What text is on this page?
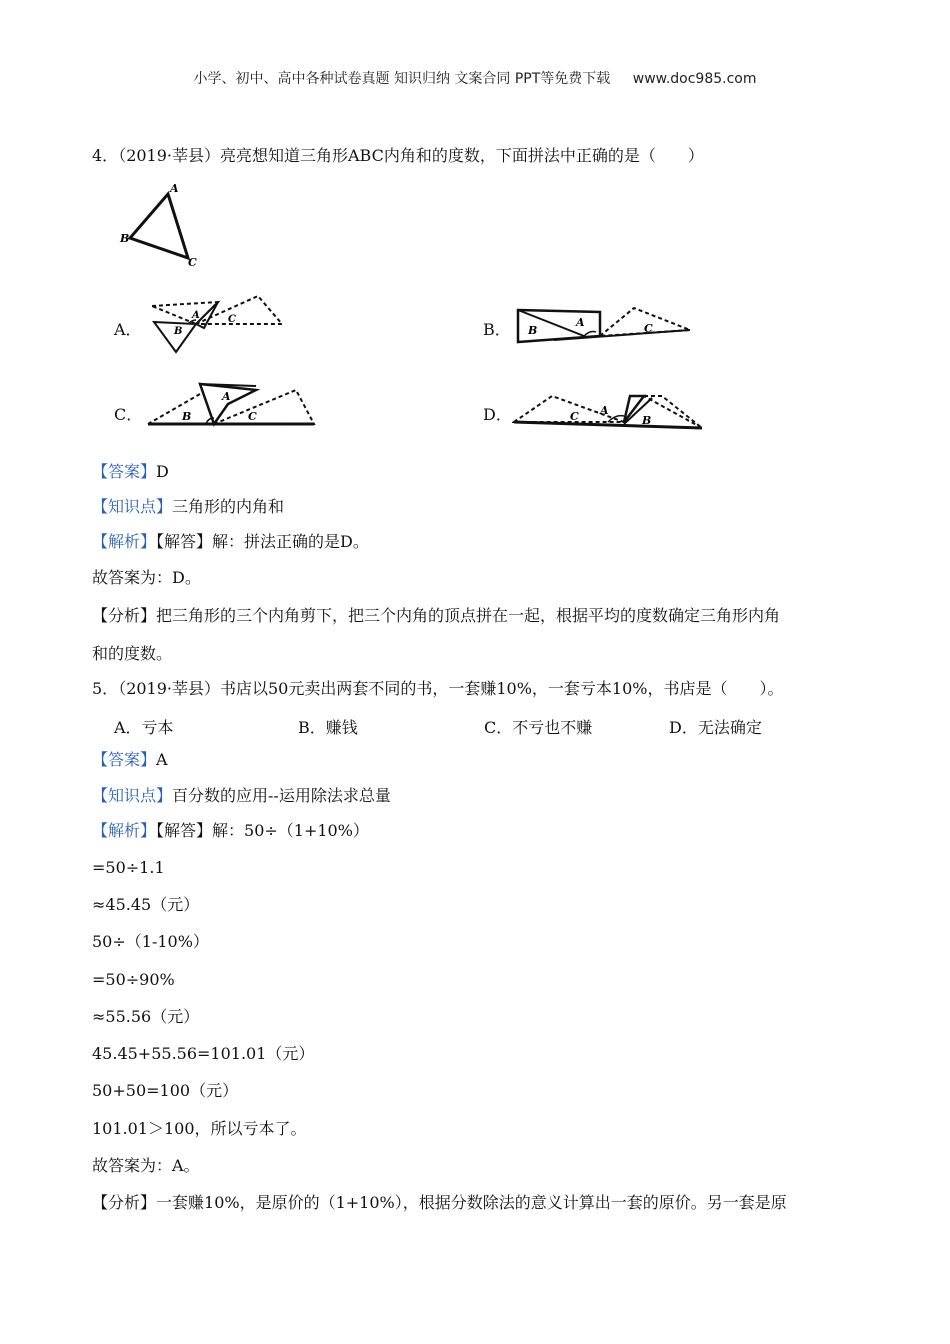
小学、初中、高中各种试卷真题 知识归纳 文案合同 PPT等免费下载 www.doc985.com
4．（2019·莘县）亮亮想知道三角形ABC内角和的度数，下面拼法中正确的是（　　）
A
B
C
A．
A
B
C
B． B
A	C
C．	B
A
C	D．	C A
B
【答案】D
【知识点】三角形的内角和
【解析】【解答】解：拼法正确的是D。
故答案为：D。
【分析】把三角形的三个内角剪下，把三个内角的顶点拼在一起，根据平均的度数确定三角形内角
和的度数。
5．（2019·莘县）书店以50元卖出两套不同的书，一套赚10%，一套亏本10%，书店是（　　）。
A．亏本	B．赚钱	C．不亏也不赚	D．无法确定
【答案】A
【知识点】百分数的应用--运用除法求总量
【解析】【解答】解：50÷（1+10%）
=50÷1.1
≈45.45（元）
50÷（1-10%）
=50÷90%
≈55.56（元）
45.45+55.56=101.01（元）
50+50=100（元）
101.01＞100，所以亏本了。
故答案为：A。
【分析】一套赚10%，是原价的（1+10%），根据分数除法的意义计算出一套的原价。另一套是原
